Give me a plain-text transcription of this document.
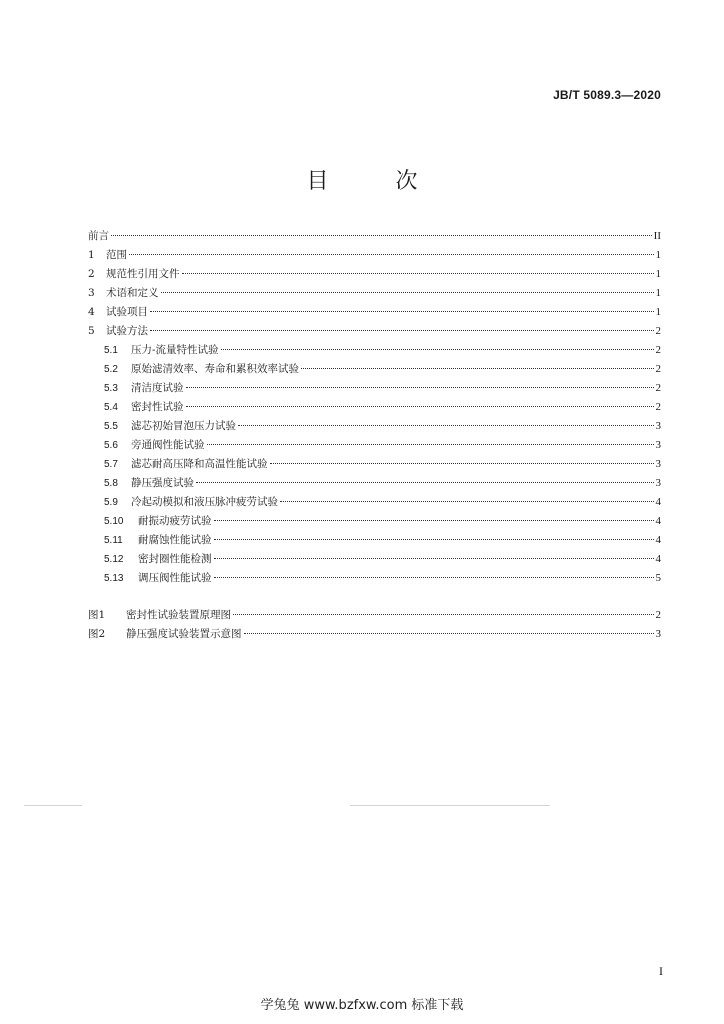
JB/T 5089.3—2020
目 次
前言	II
1	范围	1
2	规范性引用文件	1
3	术语和定义	1
4	试验项目	1
5	试验方法	2
5.1	压力-流量特性试验	2
5.2	原始滤清效率、寿命和累积效率试验	2
5.3	清洁度试验	2
5.4	密封性试验	2
5.5	滤芯初始冒泡压力试验	3
5.6	旁通阀性能试验	3
5.7	滤芯耐高压降和高温性能试验	3
5.8	静压强度试验	3
5.9	冷起动模拟和液压脉冲疲劳试验	4
5.10	耐振动疲劳试验	4
5.11	耐腐蚀性能试验	4
5.12	密封圈性能检测	4
5.13	调压阀性能试验	5
图1	密封性试验装置原理图	2
图2	静压强度试验装置示意图	3
I
学兔兔 www.bzfxw.com 标准下载
